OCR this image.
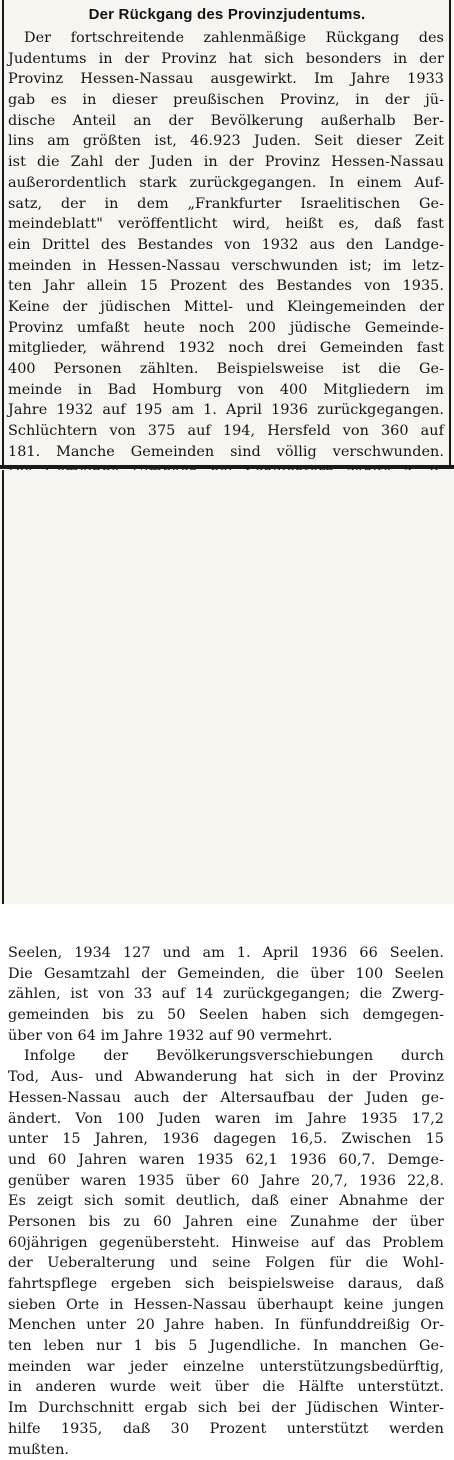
Der Rückgang des Provinzjudentums.
Der fortschreitende zahlenmäßige Rückgang des
Judentums in der Provinz hat sich besonders in der
Provinz Hessen-Nassau ausgewirkt. Im Jahre 1933
gab es in dieser preußischen Provinz, in der jü-
dische Anteil an der Bevölkerung außerhalb Ber-
lins am größten ist, 46.923 Juden. Seit dieser Zeit
ist die Zahl der Juden in der Provinz Hessen-Nassau
außerordentlich stark zurückgegangen. In einem Auf-
satz, der in dem „Frankfurter Israelitischen Ge-
meindeblatt" veröffentlicht wird, heißt es, daß fast
ein Drittel des Bestandes von 1932 aus den Landge-
meinden in Hessen-Nassau verschwunden ist; im letz-
ten Jahr allein 15 Prozent des Bestandes von 1935.
Keine der jüdischen Mittel- und Kleingemeinden der
Provinz umfaßt heute noch 200 jüdische Gemeinde-
mitglieder, während 1932 noch drei Gemeinden fast
400 Personen zählten. Beispielsweise ist die Ge-
meinde in Bad Homburg von 400 Mitgliedern im
Jahre 1932 auf 195 am 1. April 1936 zurückgegangen.
Schlüchtern von 375 auf 194, Hersfeld von 360 auf
181. Manche Gemeinden sind völlig verschwunden.
Seelen, 1934 127 und am 1. April 1936 66 Seelen.
Die Gesamtzahl der Gemeinden, die über 100 Seelen
zählen, ist von 33 auf 14 zurückgegangen; die Zwerg-
gemeinden bis zu 50 Seelen haben sich demgegen-
über von 64 im Jahre 1932 auf 90 vermehrt.
Infolge der Bevölkerungsverschiebungen durch
Tod, Aus- und Abwanderung hat sich in der Provinz
Hessen-Nassau auch der Altersaufbau der Juden ge-
ändert. Von 100 Juden waren im Jahre 1935 17,2
unter 15 Jahren, 1936 dagegen 16,5. Zwischen 15
und 60 Jahren waren 1935 62,1 1936 60,7. Demge-
genüber waren 1935 über 60 Jahre 20,7, 1936 22,8.
Es zeigt sich somit deutlich, daß einer Abnahme der
Personen bis zu 60 Jahren eine Zunahme der über
60jährigen gegenübersteht. Hinweise auf das Problem
der Ueberalterung und seine Folgen für die Wohl-
fahrtspflege ergeben sich beispielsweise daraus, daß
sieben Orte in Hessen-Nassau überhaupt keine jungen
Menchen unter 20 Jahre haben. In fünfunddreißig Or-
ten leben nur 1 bis 5 Jugendliche. In manchen Ge-
meinden war jeder einzelne unterstützungsbedürftig,
in anderen wurde weit über die Hälfte unterstützt.
Im Durchschnitt ergab sich bei der Jüdischen Winter-
hilfe 1935, daß 30 Prozent unterstützt werden
mußten.
